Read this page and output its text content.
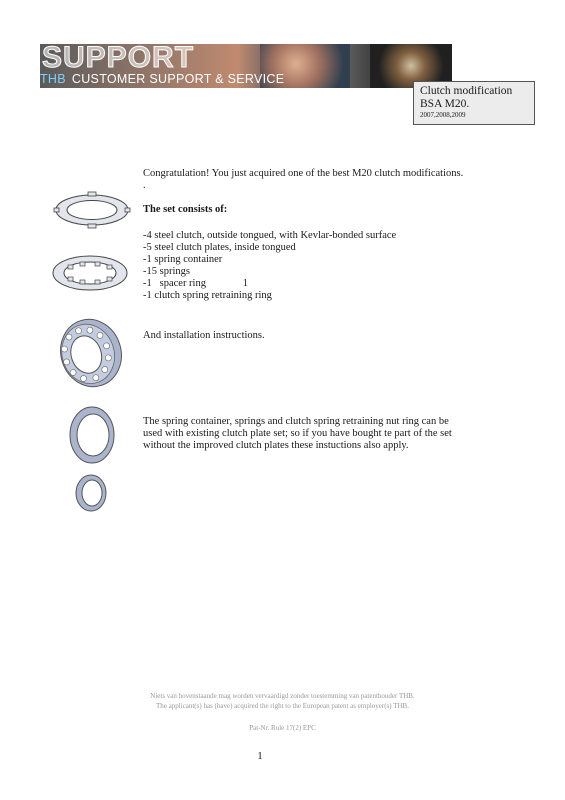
SUPPORT
THB CUSTOMER SUPPORT & SERVICE
Clutch modification
BSA M20.
2007,2008,2009
Congratulation! You just acquired one of the best M20 clutch modifications.
.
The set consists of:
-4 steel clutch, outside tongued, with Kevlar-bonded surface
-5 steel clutch plates, inside tongued
-1 spring container
-15 springs
-1   spacer ring              1
-1 clutch spring retraining ring
And installation instructions.
The spring container, springs and clutch spring retraining nut ring can be
used with existing clutch plate set; so if you have bought te part of the set
without the improved clutch plates these instuctions also apply.
Niets van hovenstaande mag worden vervaardigd zonder toestemming van patenthouder THB.
The applicant(s) has (have) acquired the right to the European patent as employer(s) THB.
Pat-Nr. Rule 17(2) EPC
1
